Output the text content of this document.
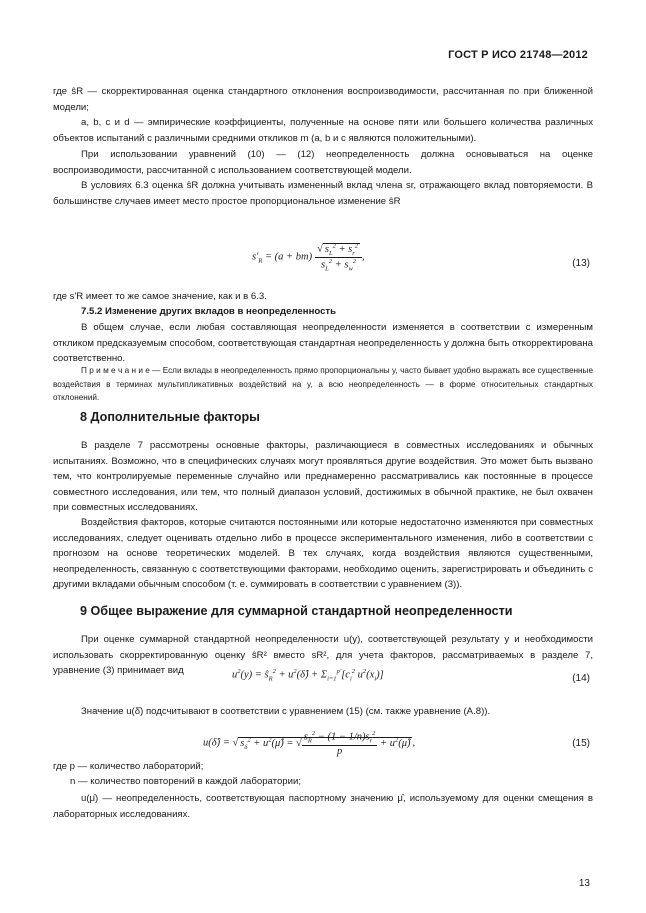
ГОСТ Р ИСО 21748—2012
где ŝR — скорректированная оценка стандартного отклонения воспроизводимости, рассчитанная по при ближенной модели;
a, b, c и d — эмпирические коэффициенты, полученные на основе пяти или большего количества различных объектов испытаний с различными средними откликов m (a, b и c являются положительными).
При использовании уравнений (10) — (12) неопределенность должна основываться на оценке воспроизводимости, рассчитанной с использованием соответствующей модели.
В условиях 6.3 оценка ŝR должна учитывать измененный вклад члена sr, отражающего вклад повторяемости. В большинстве случаев имеет место простое пропорциональное изменение ŝR
$s'_R = (a + bm) \frac{√ s_L^2 + s_r^2}{s_L^2 + s_w^2}$ ,
(13)
где s'R имеет то же самое значение, как и в 6.3.
7.5.2 Изменение других вкладов в неопределенность
В общем случае, если любая составляющая неопределенности изменяется в соответствии с измеренным откликом предсказуемым способом, соответствующая стандартная неопределенность y должна быть откорректирована соответственно.
П р и м е ч а н и е — Если вклады в неопределенность прямо пропорциональны y, часто бывает удобно выражать все существенные воздействия в терминах мультипликативных воздействий на y, а всю неопределенность — в форме относительных стандартных отклонений.
8 Дополнительные факторы
В разделе 7 рассмотрены основные факторы, различающиеся в совместных исследованиях и обычных испытаниях. Возможно, что в специфических случаях могут проявляться другие воздействия. Это может быть вызвано тем, что контролируемые переменные случайно или преднамеренно рассматривались как постоянные в процессе совместного исследования, или тем, что полный диапазон условий, достижимых в обычной практике, не был охвачен при совместных исследованиях.
Воздействия факторов, которые считаются постоянными или которые недостаточно изменяются при совместных исследованиях, следует оценивать отдельно либо в процессе экспериментального изменения, либо в соответствии с прогнозом на основе теоретических моделей. В тех случаях, когда воздействия являются существенными, неопределенность, связанную с соответствующими факторами, необходимо оценить, зарегистрировать и объединить с другими вкладами обычным способом (т. е. суммировать в соответствии с уравнением (3)).
9 Общее выражение для суммарной стандартной неопределенности
При оценке суммарной стандартной неопределенности u(y), соответствующей результату y и необходимости использовать скорректированную оценку ŝR² вместо sR², для учета факторов, рассматриваемых в разделе 7, уравнение (3) принимает вид	$u^2(y)$ = $ŝ_R^2$ + $u^2(\deltâ) + \Sigma_{i=1}^{p'}[c_i^2$ $u^2(x_i)$]	(14)
Значение u(δ̂) подсчитывают в соответствии с уравнением (15) (см. также уравнение (А.8)).
u(δ̂) = √ $s_\delta^2$ + $u^2(\mû)$ = √ $\frac{s_R^2 - (1 - 1/n)s_r^2}{p}$ + $u^2(\mû)$ ,	(15)
где p — количество лабораторий;
n — количество повторений в каждой лаборатории;
u(μ̂) — неопределенность, соответствующая паспортному значению μ̂, используемому для оценки смещения в лабораторных исследованиях.
13
